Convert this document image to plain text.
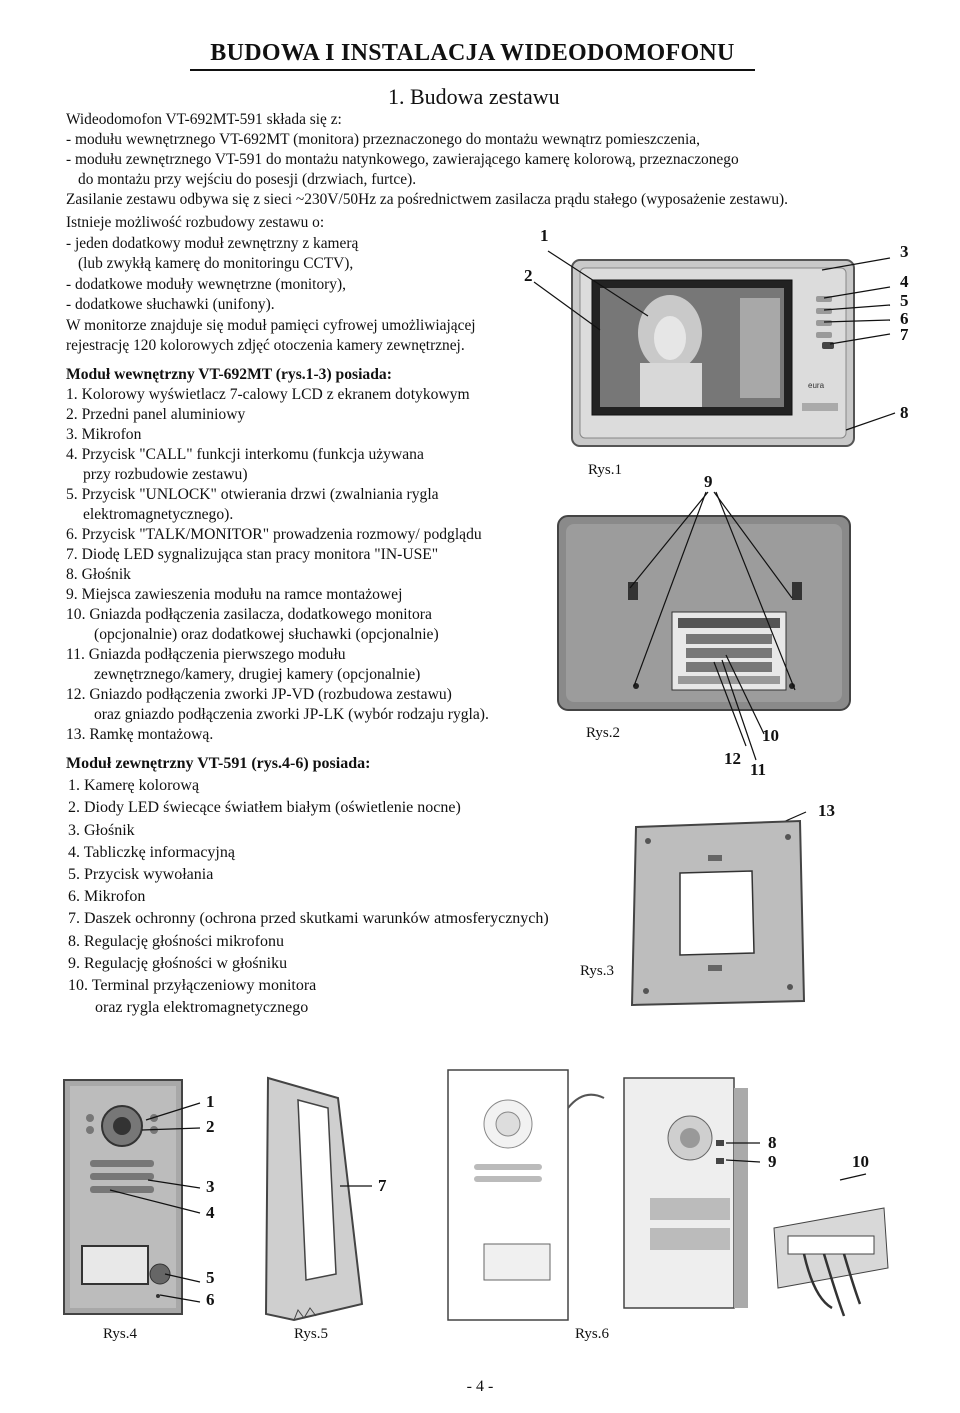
BUDOWA I INSTALACJA WIDEODOMOFONU
1. Budowa zestawu
Wideodomofon VT-692MT-591 składa się z:
- modułu wewnętrznego VT-692MT (monitora) przeznaczonego do montażu wewnątrz pomieszczenia,
- modułu zewnętrznego VT-591 do montażu natynkowego, zawierającego kamerę kolorową, przeznaczonego
do montażu przy wejściu do posesji (drzwiach, furtce).
Zasilanie zestawu odbywa się z sieci ~230V/50Hz za pośrednictwem zasilacza prądu stałego (wyposażenie zestawu).
Istnieje możliwość rozbudowy zestawu o:
- jeden dodatkowy moduł zewnętrzny z kamerą
(lub zwykłą kamerę do monitoringu CCTV),
- dodatkowe moduły wewnętrzne (monitory),
- dodatkowe słuchawki (unifony).
W monitorze znajduje się moduł pamięci cyfrowej umożliwiającej
rejestrację 120 kolorowych zdjęć otoczenia kamery zewnętrznej.
Moduł wewnętrzny VT-692MT (rys.1-3) posiada:
1. Kolorowy wyświetlacz 7-calowy LCD z ekranem dotykowym
2. Przedni panel aluminiowy
3. Mikrofon
4. Przycisk "CALL" funkcji interkomu (funkcja używana
przy rozbudowie zestawu)
5. Przycisk "UNLOCK" otwierania drzwi (zwalniania rygla
elektromagnetycznego).
6. Przycisk "TALK/MONITOR" prowadzenia rozmowy/ podglądu
7. Diodę LED sygnalizująca stan pracy monitora "IN-USE"
8. Głośnik
9. Miejsca zawieszenia modułu na ramce montażowej
10. Gniazda podłączenia zasilacza, dodatkowego monitora
(opcjonalnie) oraz dodatkowej słuchawki (opcjonalnie)
11. Gniazda podłączenia pierwszego modułu
zewnętrznego/kamery, drugiej kamery (opcjonalnie)
12. Gniazdo podłączenia zworki JP-VD (rozbudowa zestawu)
oraz gniazdo podłączenia zworki JP-LK (wybór rodzaju rygla).
13. Ramkę montażową.
Moduł zewnętrzny VT-591 (rys.4-6) posiada:
1. Kamerę kolorową
2. Diody LED świecące światłem białym (oświetlenie nocne)
3. Głośnik
4. Tabliczkę informacyjną
5. Przycisk wywołania
6. Mikrofon
7. Daszek ochronny (ochrona przed skutkami warunków atmosferycznych)
8. Regulację głośności mikrofonu
9. Regulację głośności w głośniku
10. Terminal przyłączeniowy monitora
oraz rygla elektromagnetycznego
eura
1
2
3
4
5
6
7
8
Rys.1
9
10
11
12
13
Rys.2
Rys.3
1
2
3
4
5
6
Rys.4
7
Rys.5
8
9	10
Rys.6
- 4 -
